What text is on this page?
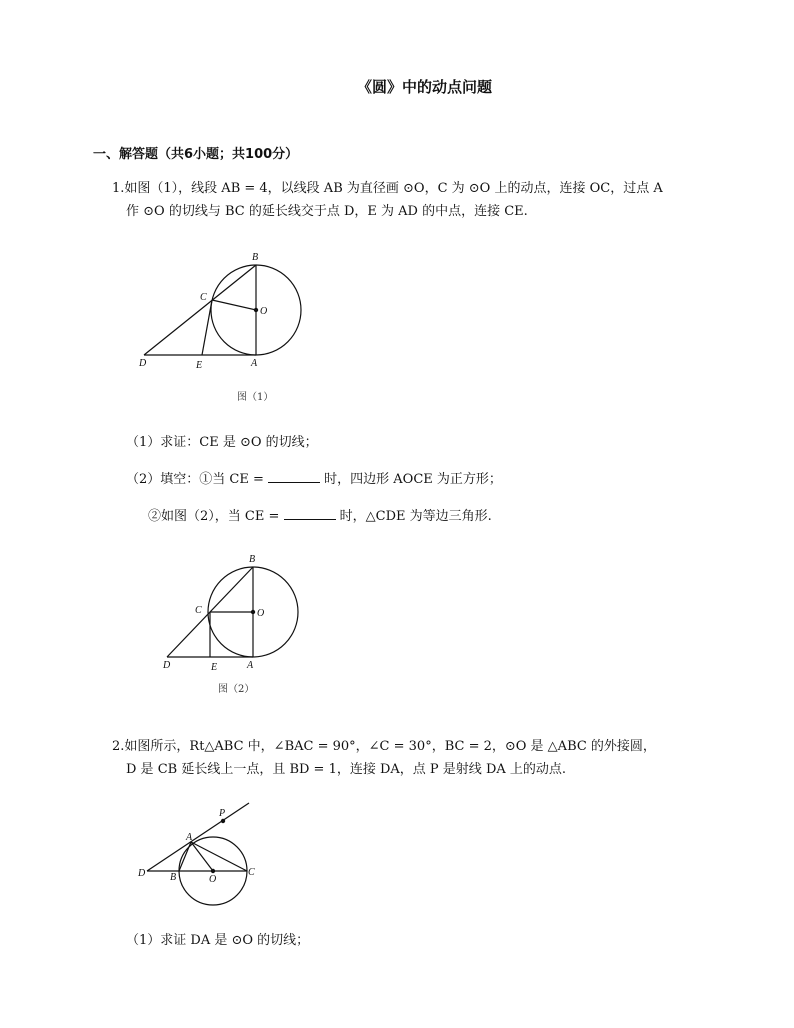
《圆》中的动点问题
一、解答题（共6小题；共100分）
1.如图（1），线段 AB = 4，以线段 AB 为直径画 ⊙O，C 为 ⊙O 上的动点，连接 OC，过点 A
作 ⊙O 的切线与 BC 的延长线交于点 D，E 为 AD 的中点，连接 CE.
B
C
O
D	E	A
图（1）
（1）求证：CE 是 ⊙O 的切线；
（2）填空：①当 CE =	时，四边形 AOCE 为正方形；
②如图（2），当 CE =	时，△CDE 为等边三角形.
B
C	O
D	E	A
图（2）
2.如图所示，Rt△ABC 中，∠BAC = 90°，∠C = 30°，BC = 2，⊙O 是 △ABC 的外接圆，
D 是 CB 延长线上一点，且 BD = 1，连接 DA，点 P 是射线 DA 上的动点.
P
A
D B	O
C
（1）求证 DA 是 ⊙O 的切线；
